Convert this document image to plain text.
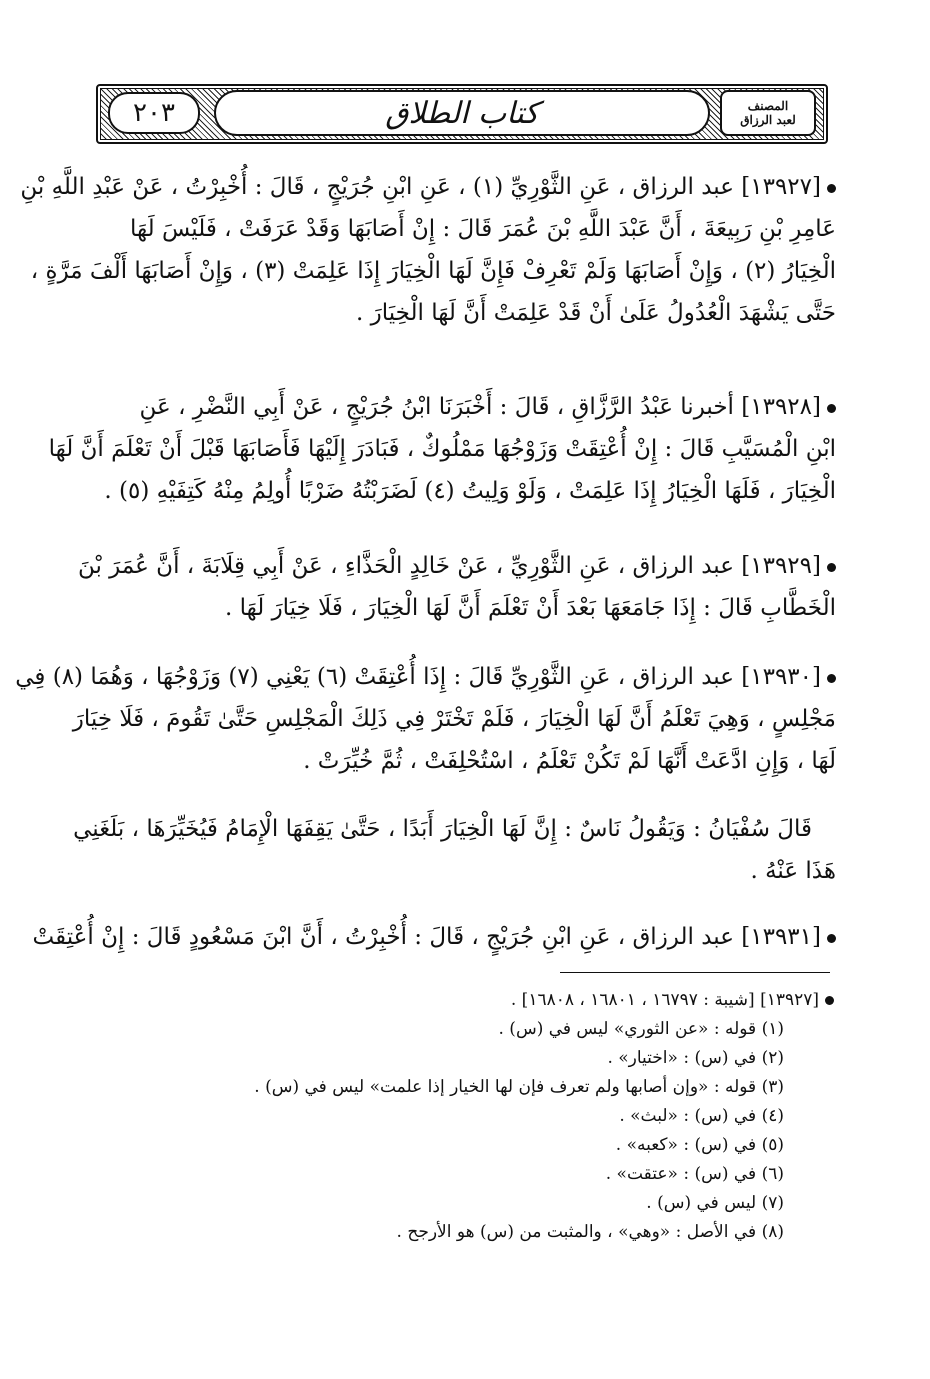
٢٠٣	كتاب الطلاق	المصنف
لعبد الرزاق

[١٣٩٢٧] عبد الرزاق ، عَنِ الثَّوْرِيِّ (١) ، عَنِ ابْنِ جُرَيْجٍ ، قَالَ : أُخْبِرْتُ ، عَنْ عَبْدِ اللَّهِ بْنِ
عَامِرِ بْنِ رَبِيعَةَ ، أَنَّ عَبْدَ اللَّهِ بْنَ عُمَرَ قَالَ : إِنْ أَصَابَهَا وَقَدْ عَرَفَتْ ، فَلَيْسَ لَهَا
الْخِيَارُ (٢) ، وَإِنْ أَصَابَهَا وَلَمْ تَعْرِفْ فَإِنَّ لَهَا الْخِيَارَ إِذَا عَلِمَتْ (٣) ، وَإِنْ أَصَابَهَا أَلْفَ مَرَّةٍ ،
حَتَّى يَشْهَدَ الْعُدُولُ عَلَىٰ أَنْ قَدْ عَلِمَتْ أَنَّ لَهَا الْخِيَارَ .

[١٣٩٢٨] أخبرنا عَبْدُ الرَّزَّاقِ ، قَالَ : أَخْبَرَنَا ابْنُ جُرَيْجٍ ، عَنْ أَبِي النَّضْرِ ، عَنِ
ابْنِ الْمُسَيَّبِ قَالَ : إِنْ أُعْتِقَتْ وَزَوْجُهَا مَمْلُوكٌ ، فَبَادَرَ إِلَيْهَا فَأَصَابَهَا قَبْلَ أَنْ تَعْلَمَ أَنَّ لَهَا
الْخِيَارَ ، فَلَهَا الْخِيَارُ إِذَا عَلِمَتْ ، وَلَوْ وَلِيتُ (٤) لَضَرَبْتُهُ ضَرْبًا أُولِمُ مِنْهُ كَتِفَيْهِ (٥) .

[١٣٩٢٩] عبد الرزاق ، عَنِ الثَّوْرِيِّ ، عَنْ خَالِدٍ الْحَذَّاءِ ، عَنْ أَبِي قِلَابَةَ ، أَنَّ عُمَرَ بْنَ
الْخَطَّابِ قَالَ : إِذَا جَامَعَهَا بَعْدَ أَنْ تَعْلَمَ أَنَّ لَهَا الْخِيَارَ ، فَلَا خِيَارَ لَهَا .

[١٣٩٣٠] عبد الرزاق ، عَنِ الثَّوْرِيِّ قَالَ : إِذَا أُعْتِقَتْ (٦) يَعْنِي (٧) وَزَوْجُهَا ، وَهُمَا (٨) فِي
مَجْلِسٍ ، وَهِيَ تَعْلَمُ أَنَّ لَهَا الْخِيَارَ ، فَلَمْ تَخْتَرْ فِي ذَلِكَ الْمَجْلِسِ حَتَّىٰ تَقُومَ ، فَلَا خِيَارَ
لَهَا ، وَإِنِ ادَّعَتْ أَنَّهَا لَمْ تَكُنْ تَعْلَمُ ، اسْتُحْلِفَتْ ، ثُمَّ خُيِّرَتْ .

قَالَ سُفْيَانُ : وَيَقُولُ نَاسٌ : إِنَّ لَهَا الْخِيَارَ أَبَدًا ، حَتَّىٰ يَقِفَهَا الْإِمَامُ فَيُخَيِّرَهَا ، بَلَغَنِي
هَذَا عَنْهُ .

[١٣٩٣١] عبد الرزاق ، عَنِ ابْنِ جُرَيْجٍ ، قَالَ : أُخْبِرْتُ ، أَنَّ ابْنَ مَسْعُودٍ قَالَ : إِنْ أُعْتِقَتْ

[١٣٩٢٧] [شيبة : ١٦٧٩٧ ، ١٦٨٠١ ، ١٦٨٠٨] .
(١) قوله : «عن الثوري» ليس في (س) .
(٢) في (س) : «اختيار» .
(٣) قوله : «وإن أصابها ولم تعرف فإن لها الخيار إذا علمت» ليس في (س) .
(٤) في (س) : «لبث» .
(٥) في (س) : «كعبه» .
(٦) في (س) : «عتقت» .
(٧) ليس في (س) .
(٨) في الأصل : «وهي» ، والمثبت من (س) هو الأرجح .
